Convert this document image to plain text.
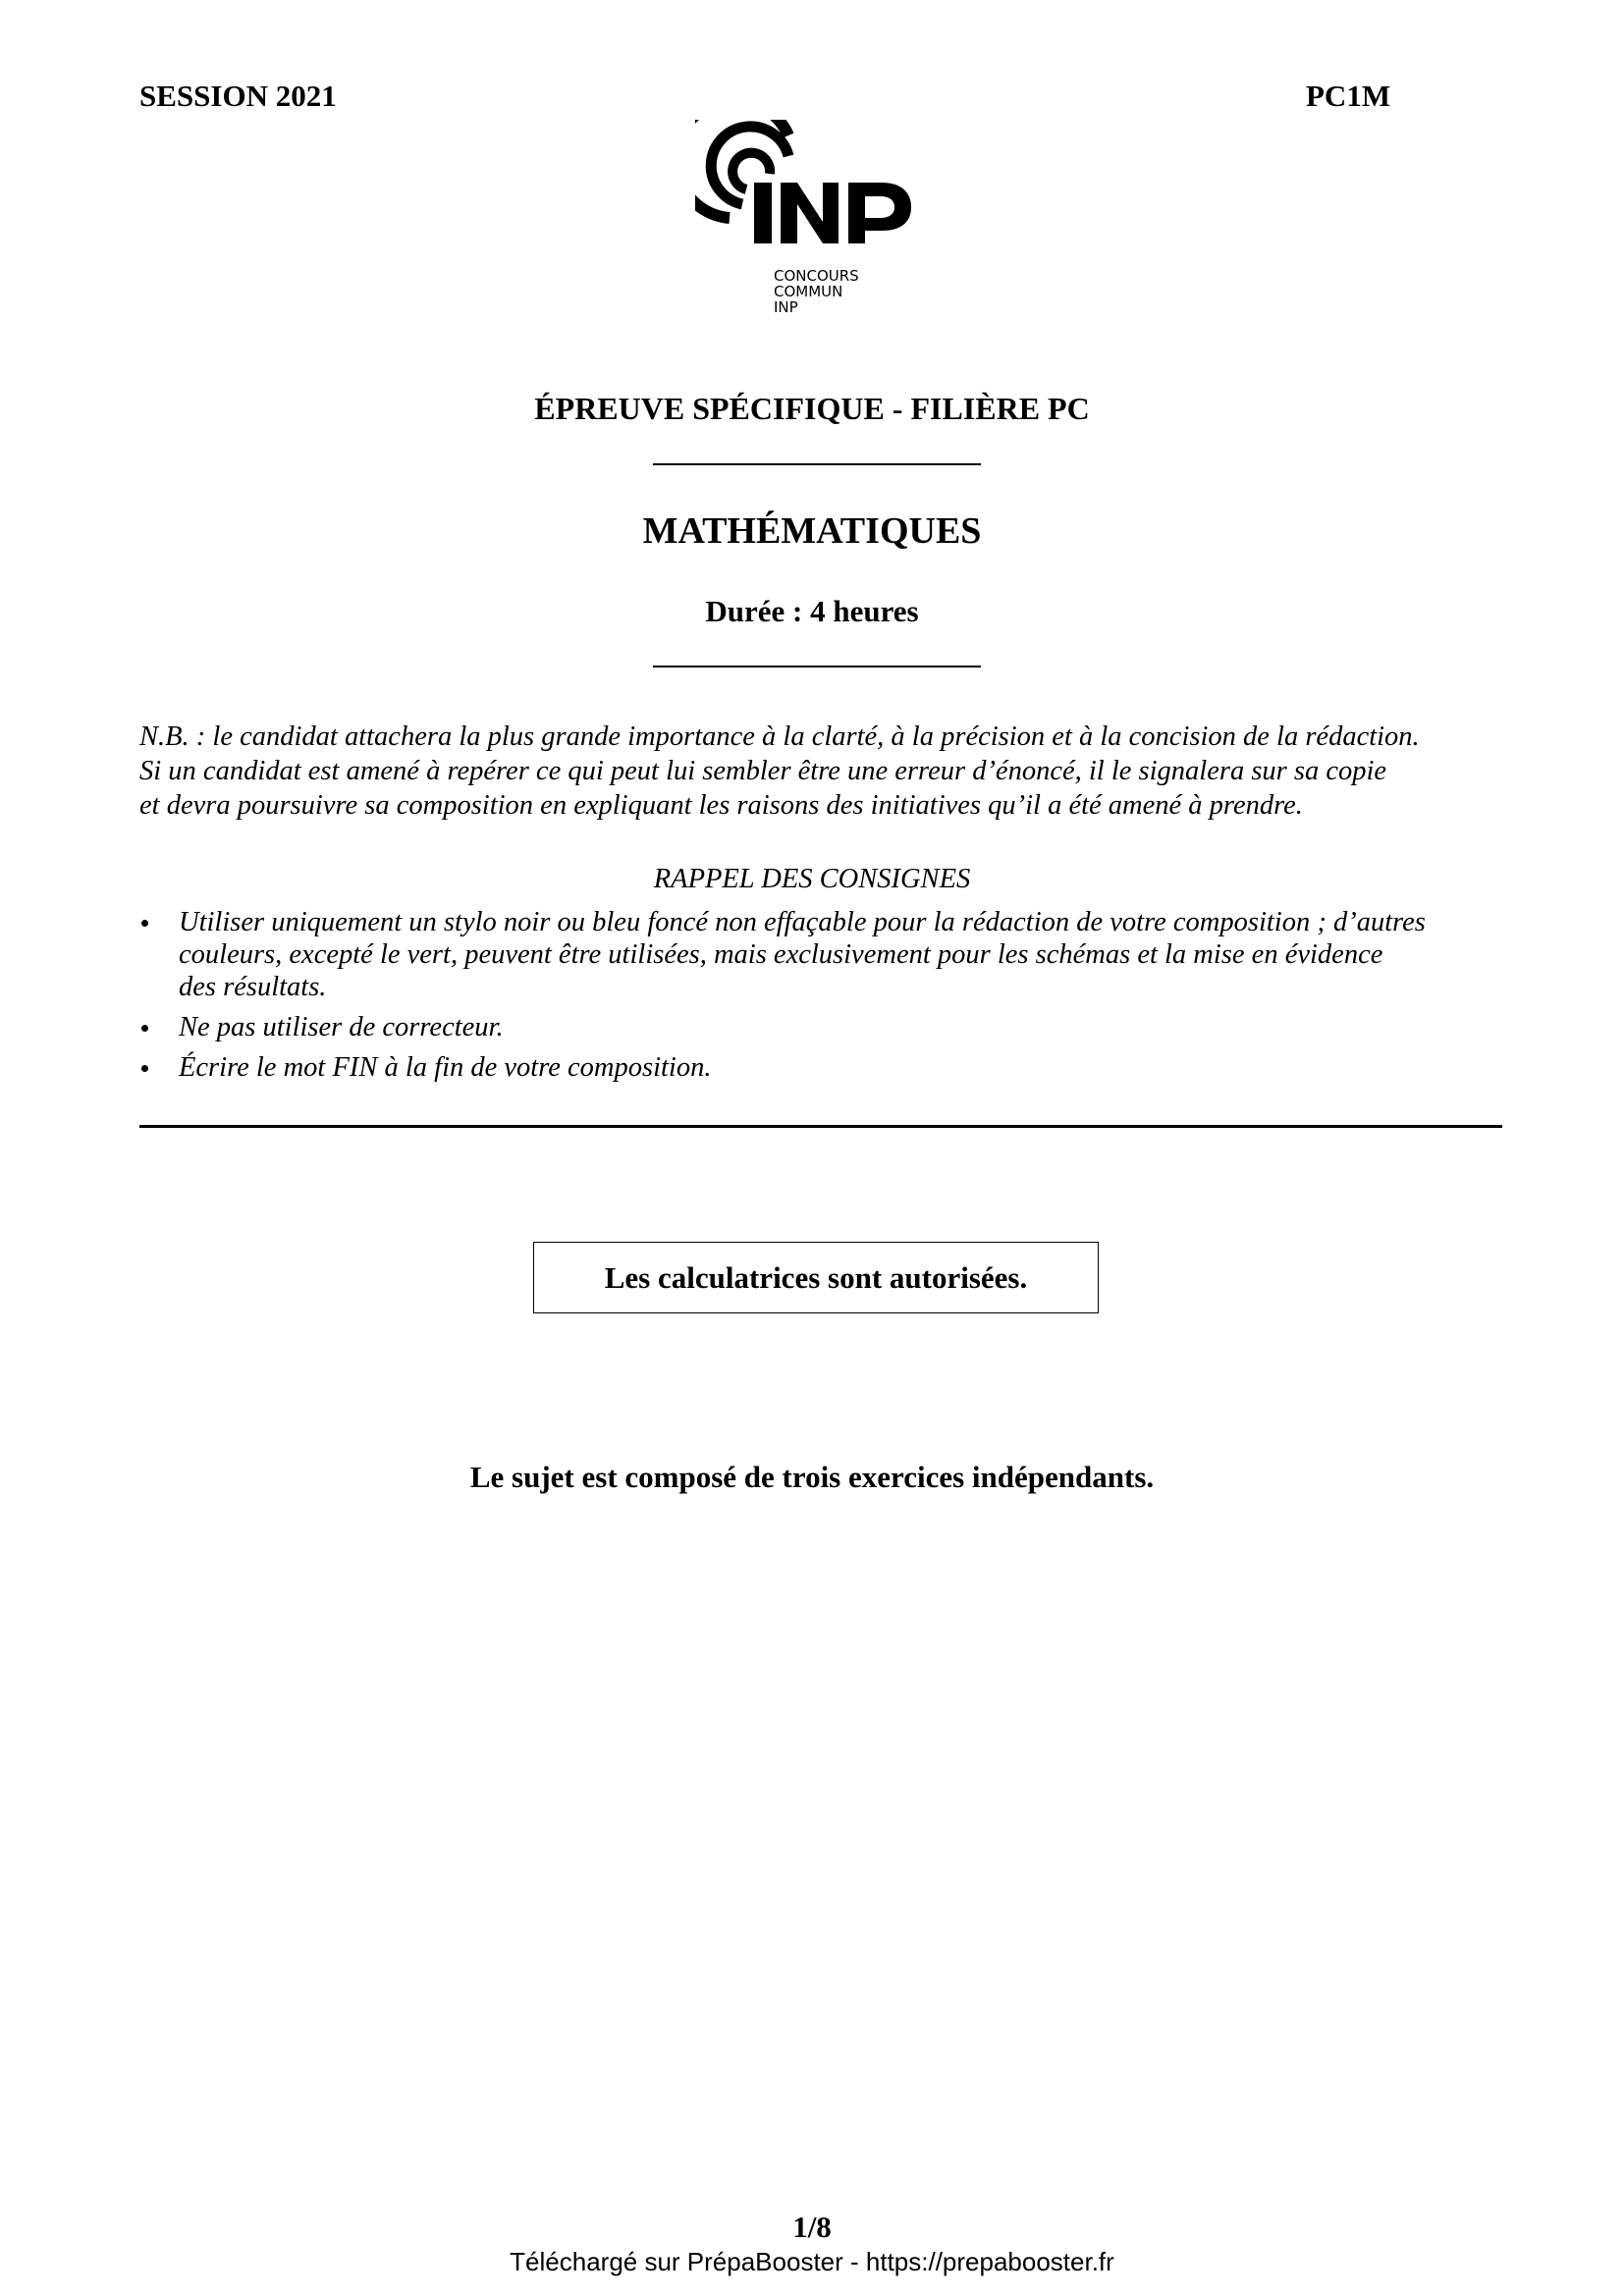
SESSION 2021	PC1M
CONCOURS
COMMUN
INP
ÉPREUVE SPÉCIFIQUE - FILIÈRE PC
MATHÉMATIQUES
Durée : 4 heures
N.B. : le candidat attachera la plus grande importance à la clarté, à la précision et à la concision de la rédaction.
Si un candidat est amené à repérer ce qui peut lui sembler être une erreur d’énoncé, il le signalera sur sa copie
et devra poursuivre sa composition en expliquant les raisons des initiatives qu’il a été amené à prendre.
RAPPEL DES CONSIGNES
Utiliser uniquement un stylo noir ou bleu foncé non effaçable pour la rédaction de votre composition ; d’autres
couleurs, excepté le vert, peuvent être utilisées, mais exclusivement pour les schémas et la mise en évidence
des résultats.
Ne pas utiliser de correcteur.
Écrire le mot FIN à la fin de votre composition.
Les calculatrices sont autorisées.
Le sujet est composé de trois exercices indépendants.
1/8
Téléchargé sur PrépaBooster - https://prepabooster.fr
